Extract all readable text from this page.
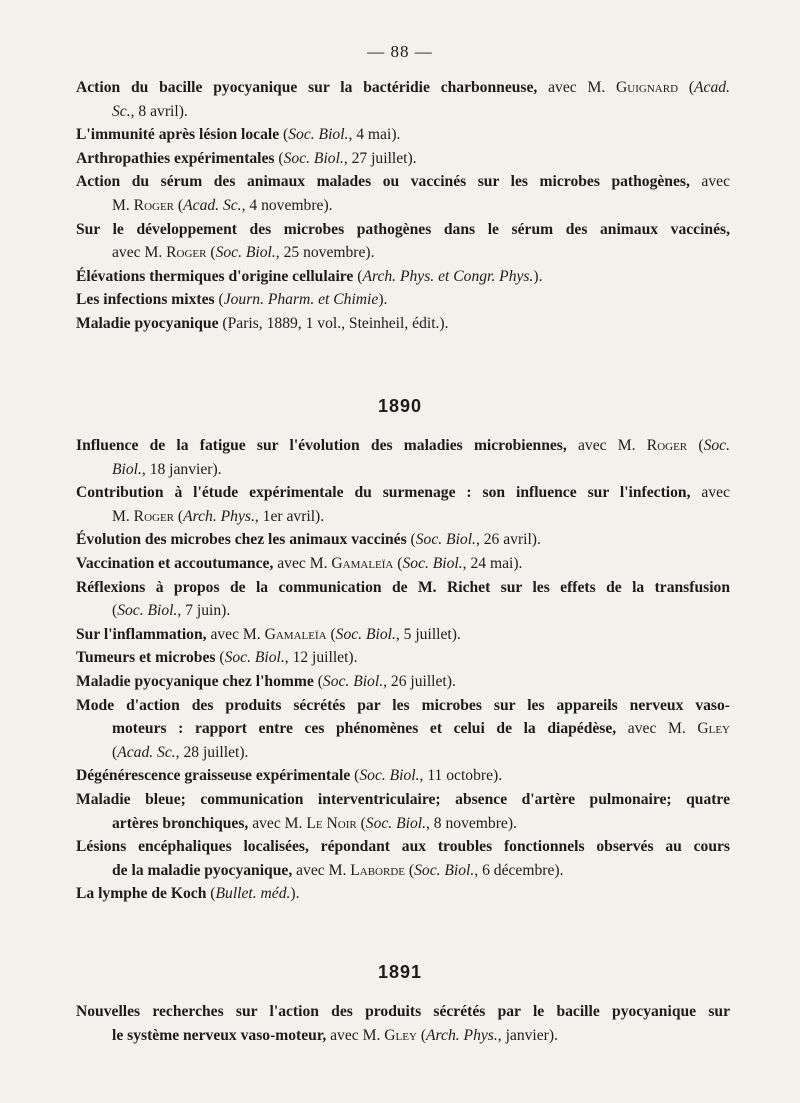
— 88 —
Action du bacille pyocyanique sur la bactéridie charbonneuse, avec M. Guignard (Acad.
Sc., 8 avril).
L'immunité après lésion locale (Soc. Biol., 4 mai).
Arthropathies expérimentales (Soc. Biol., 27 juillet).
Action du sérum des animaux malades ou vaccinés sur les microbes pathogènes, avec
M. Roger (Acad. Sc., 4 novembre).
Sur le développement des microbes pathogènes dans le sérum des animaux vaccinés,
avec M. Roger (Soc. Biol., 25 novembre).
Élévations thermiques d'origine cellulaire (Arch. Phys. et Congr. Phys.).
Les infections mixtes (Journ. Pharm. et Chimie).
Maladie pyocyanique (Paris, 1889, 1 vol., Steinheil, édit.).
1890
Influence de la fatigue sur l'évolution des maladies microbiennes, avec M. Roger (Soc.
Biol., 18 janvier).
Contribution à l'étude expérimentale du surmenage : son influence sur l'infection, avec
M. Roger (Arch. Phys., 1er avril).
Évolution des microbes chez les animaux vaccinés (Soc. Biol., 26 avril).
Vaccination et accoutumance, avec M. Gamaleïa (Soc. Biol., 24 mai).
Réflexions à propos de la communication de M. Richet sur les effets de la transfusion
(Soc. Biol., 7 juin).
Sur l'inflammation, avec M. Gamaleïa (Soc. Biol., 5 juillet).
Tumeurs et microbes (Soc. Biol., 12 juillet).
Maladie pyocyanique chez l'homme (Soc. Biol., 26 juillet).
Mode d'action des produits sécrétés par les microbes sur les appareils nerveux vaso-
moteurs : rapport entre ces phénomènes et celui de la diapédèse, avec M. Gley
(Acad. Sc., 28 juillet).
Dégénérescence graisseuse expérimentale (Soc. Biol., 11 octobre).
Maladie bleue; communication interventriculaire; absence d'artère pulmonaire; quatre
artères bronchiques, avec M. Le Noir (Soc. Biol., 8 novembre).
Lésions encéphaliques localisées, répondant aux troubles fonctionnels observés au cours
de la maladie pyocyanique, avec M. Laborde (Soc. Biol., 6 décembre).
La lymphe de Koch (Bullet. méd.).
1891
Nouvelles recherches sur l'action des produits sécrétés par le bacille pyocyanique sur
le système nerveux vaso-moteur, avec M. Gley (Arch. Phys., janvier).
